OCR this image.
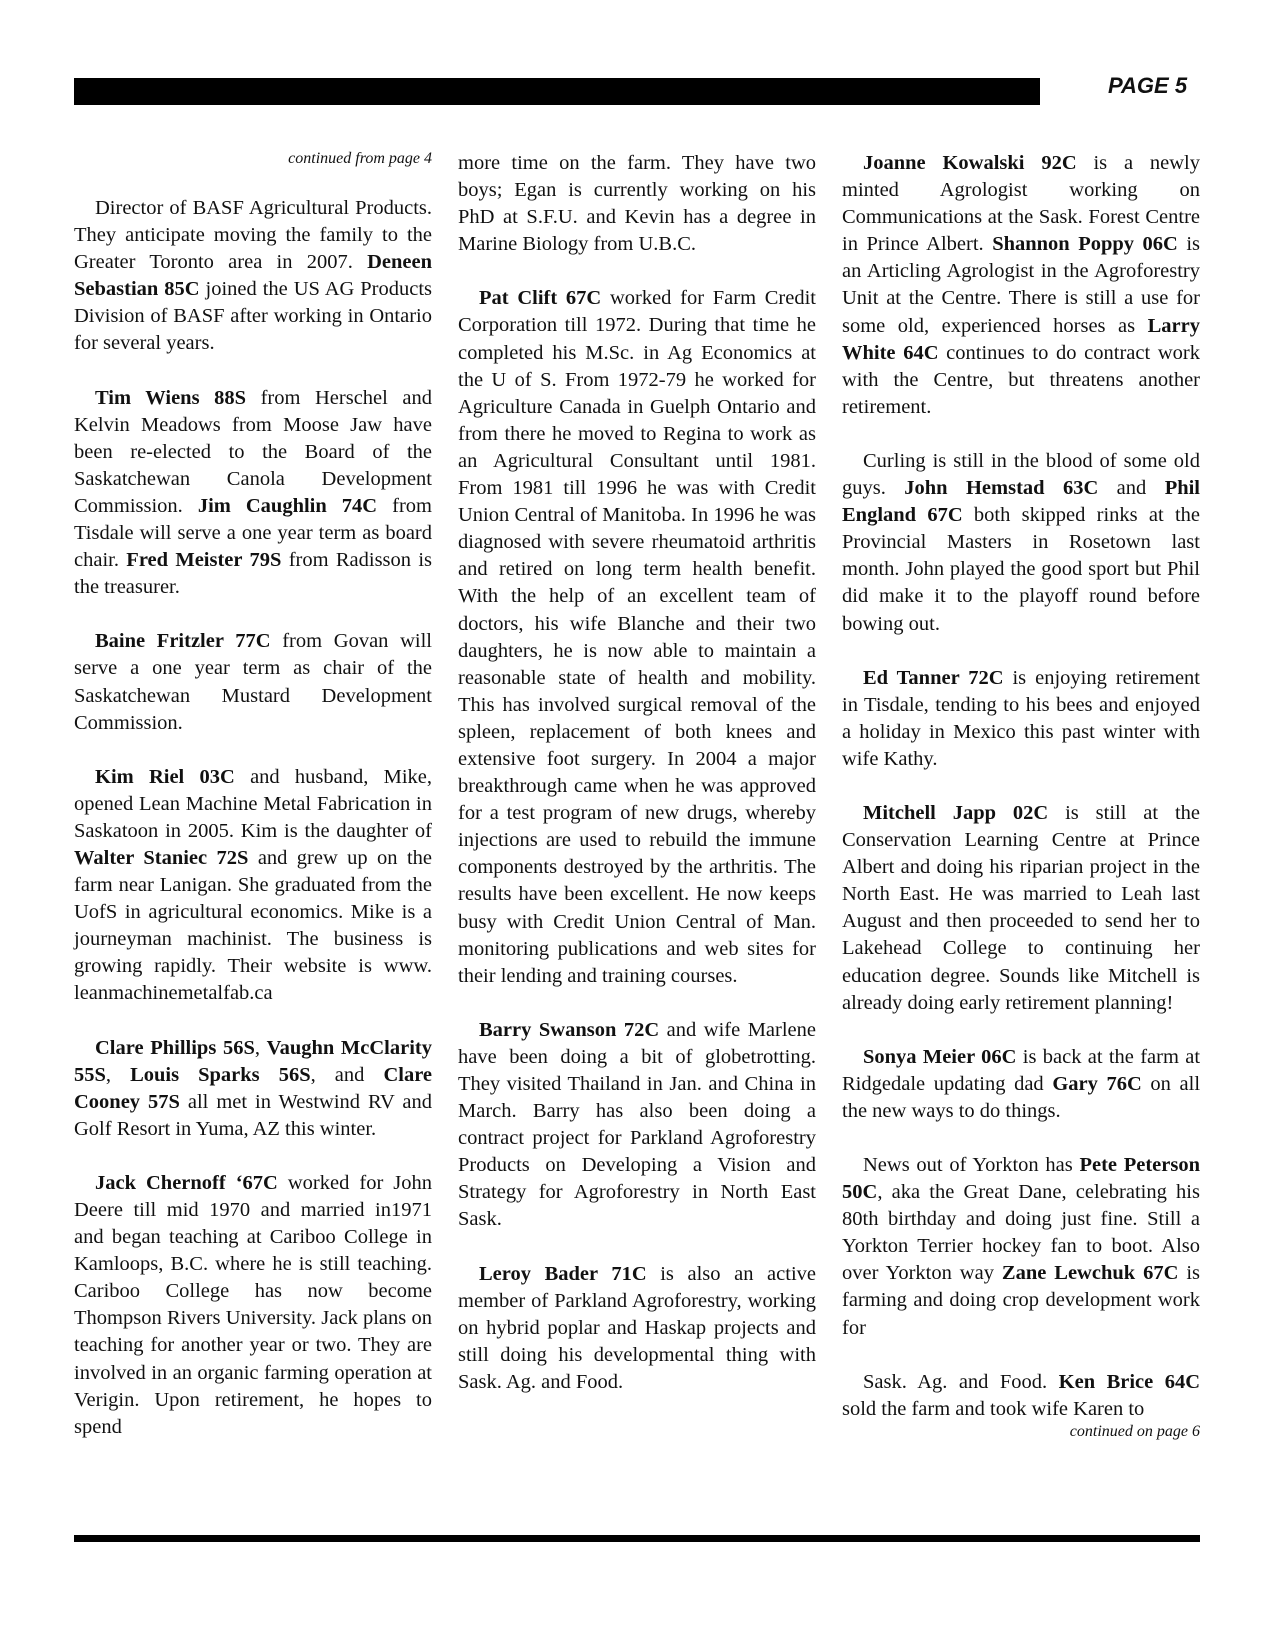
PAGE 5

continued from page 4

Director of BASF Agricultural Products. They anticipate moving the family to the Greater Toronto area in 2007. Deneen Sebastian 85C joined the US AG Products Division of BASF after working in Ontario for several years.

Tim Wiens 88S from Herschel and Kelvin Meadows from Moose Jaw have been re-elected to the Board of the Saskatchewan Canola Development Commission. Jim Caughlin 74C from Tisdale will serve a one year term as board chair. Fred Meister 79S from Radisson is the treasurer.

Baine Fritzler 77C from Govan will serve a one year term as chair of the Saskatchewan Mustard Development Commission.

Kim Riel 03C and husband, Mike, opened Lean Machine Metal Fabrication in Saskatoon in 2005. Kim is the daughter of Walter Staniec 72S and grew up on the farm near Lanigan. She graduated from the UofS in agricultural economics. Mike is a journeyman machinist. The business is growing rapidly. Their website is www. leanmachinemetalfab.ca

Clare Phillips 56S, Vaughn McClarity 55S, Louis Sparks 56S, and Clare Cooney 57S all met in Westwind RV and Golf Resort in Yuma, AZ this winter.

Jack Chernoff ‘67C worked for John Deere till mid 1970 and married in1971 and began teaching at Cariboo College in Kamloops, B.C. where he is still teaching. Cariboo College has now become Thompson Rivers University. Jack plans on teaching for another year or two. They are involved in an organic farming operation at Verigin. Upon retirement, he hopes to spend

more time on the farm. They have two boys; Egan is currently working on his PhD at S.F.U. and Kevin has a degree in Marine Biology from U.B.C.

Pat Clift 67C worked for Farm Credit Corporation till 1972. During that time he completed his M.Sc. in Ag Economics at the U of S. From 1972-79 he worked for Agriculture Canada in Guelph Ontario and from there he moved to Regina to work as an Agricultural Consultant until 1981. From 1981 till 1996 he was with Credit Union Central of Manitoba. In 1996 he was diagnosed with severe rheumatoid arthritis and retired on long term health benefit. With the help of an excellent team of doctors, his wife Blanche and their two daughters, he is now able to maintain a reasonable state of health and mobility. This has involved surgical removal of the spleen, replacement of both knees and extensive foot surgery. In 2004 a major breakthrough came when he was approved for a test program of new drugs, whereby injections are used to rebuild the immune components destroyed by the arthritis. The results have been excellent. He now keeps busy with Credit Union Central of Man. monitoring publications and web sites for their lending and training courses.

Barry Swanson 72C and wife Marlene have been doing a bit of globetrotting. They visited Thailand in Jan. and China in March. Barry has also been doing a contract project for Parkland Agroforestry Products on Developing a Vision and Strategy for Agroforestry in North East Sask.

Leroy Bader 71C is also an active member of Parkland Agroforestry, working on hybrid poplar and Haskap projects and still doing his developmental thing with Sask. Ag. and Food.

Joanne Kowalski 92C is a newly minted Agrologist working on Communications at the Sask. Forest Centre in Prince Albert. Shannon Poppy 06C is an Articling Agrologist in the Agroforestry Unit at the Centre. There is still a use for some old, experienced horses as Larry White 64C continues to do contract work with the Centre, but threatens another retirement.

Curling is still in the blood of some old guys. John Hemstad 63C and Phil England 67C both skipped rinks at the Provincial Masters in Rosetown last month. John played the good sport but Phil did make it to the playoff round before bowing out.

Ed Tanner 72C is enjoying retirement in Tisdale, tending to his bees and enjoyed a holiday in Mexico this past winter with wife Kathy.

Mitchell Japp 02C is still at the Conservation Learning Centre at Prince Albert and doing his riparian project in the North East. He was married to Leah last August and then proceeded to send her to Lakehead College to continuing her education degree. Sounds like Mitchell is already doing early retirement planning!

Sonya Meier 06C is back at the farm at Ridgedale updating dad Gary 76C on all the new ways to do things.

News out of Yorkton has Pete Peterson 50C, aka the Great Dane, celebrating his 80th birthday and doing just fine. Still a Yorkton Terrier hockey fan to boot. Also over Yorkton way Zane Lewchuk 67C is farming and doing crop development work for

Sask. Ag. and Food. Ken Brice 64C sold the farm and took wife Karen to

continued on page 6
